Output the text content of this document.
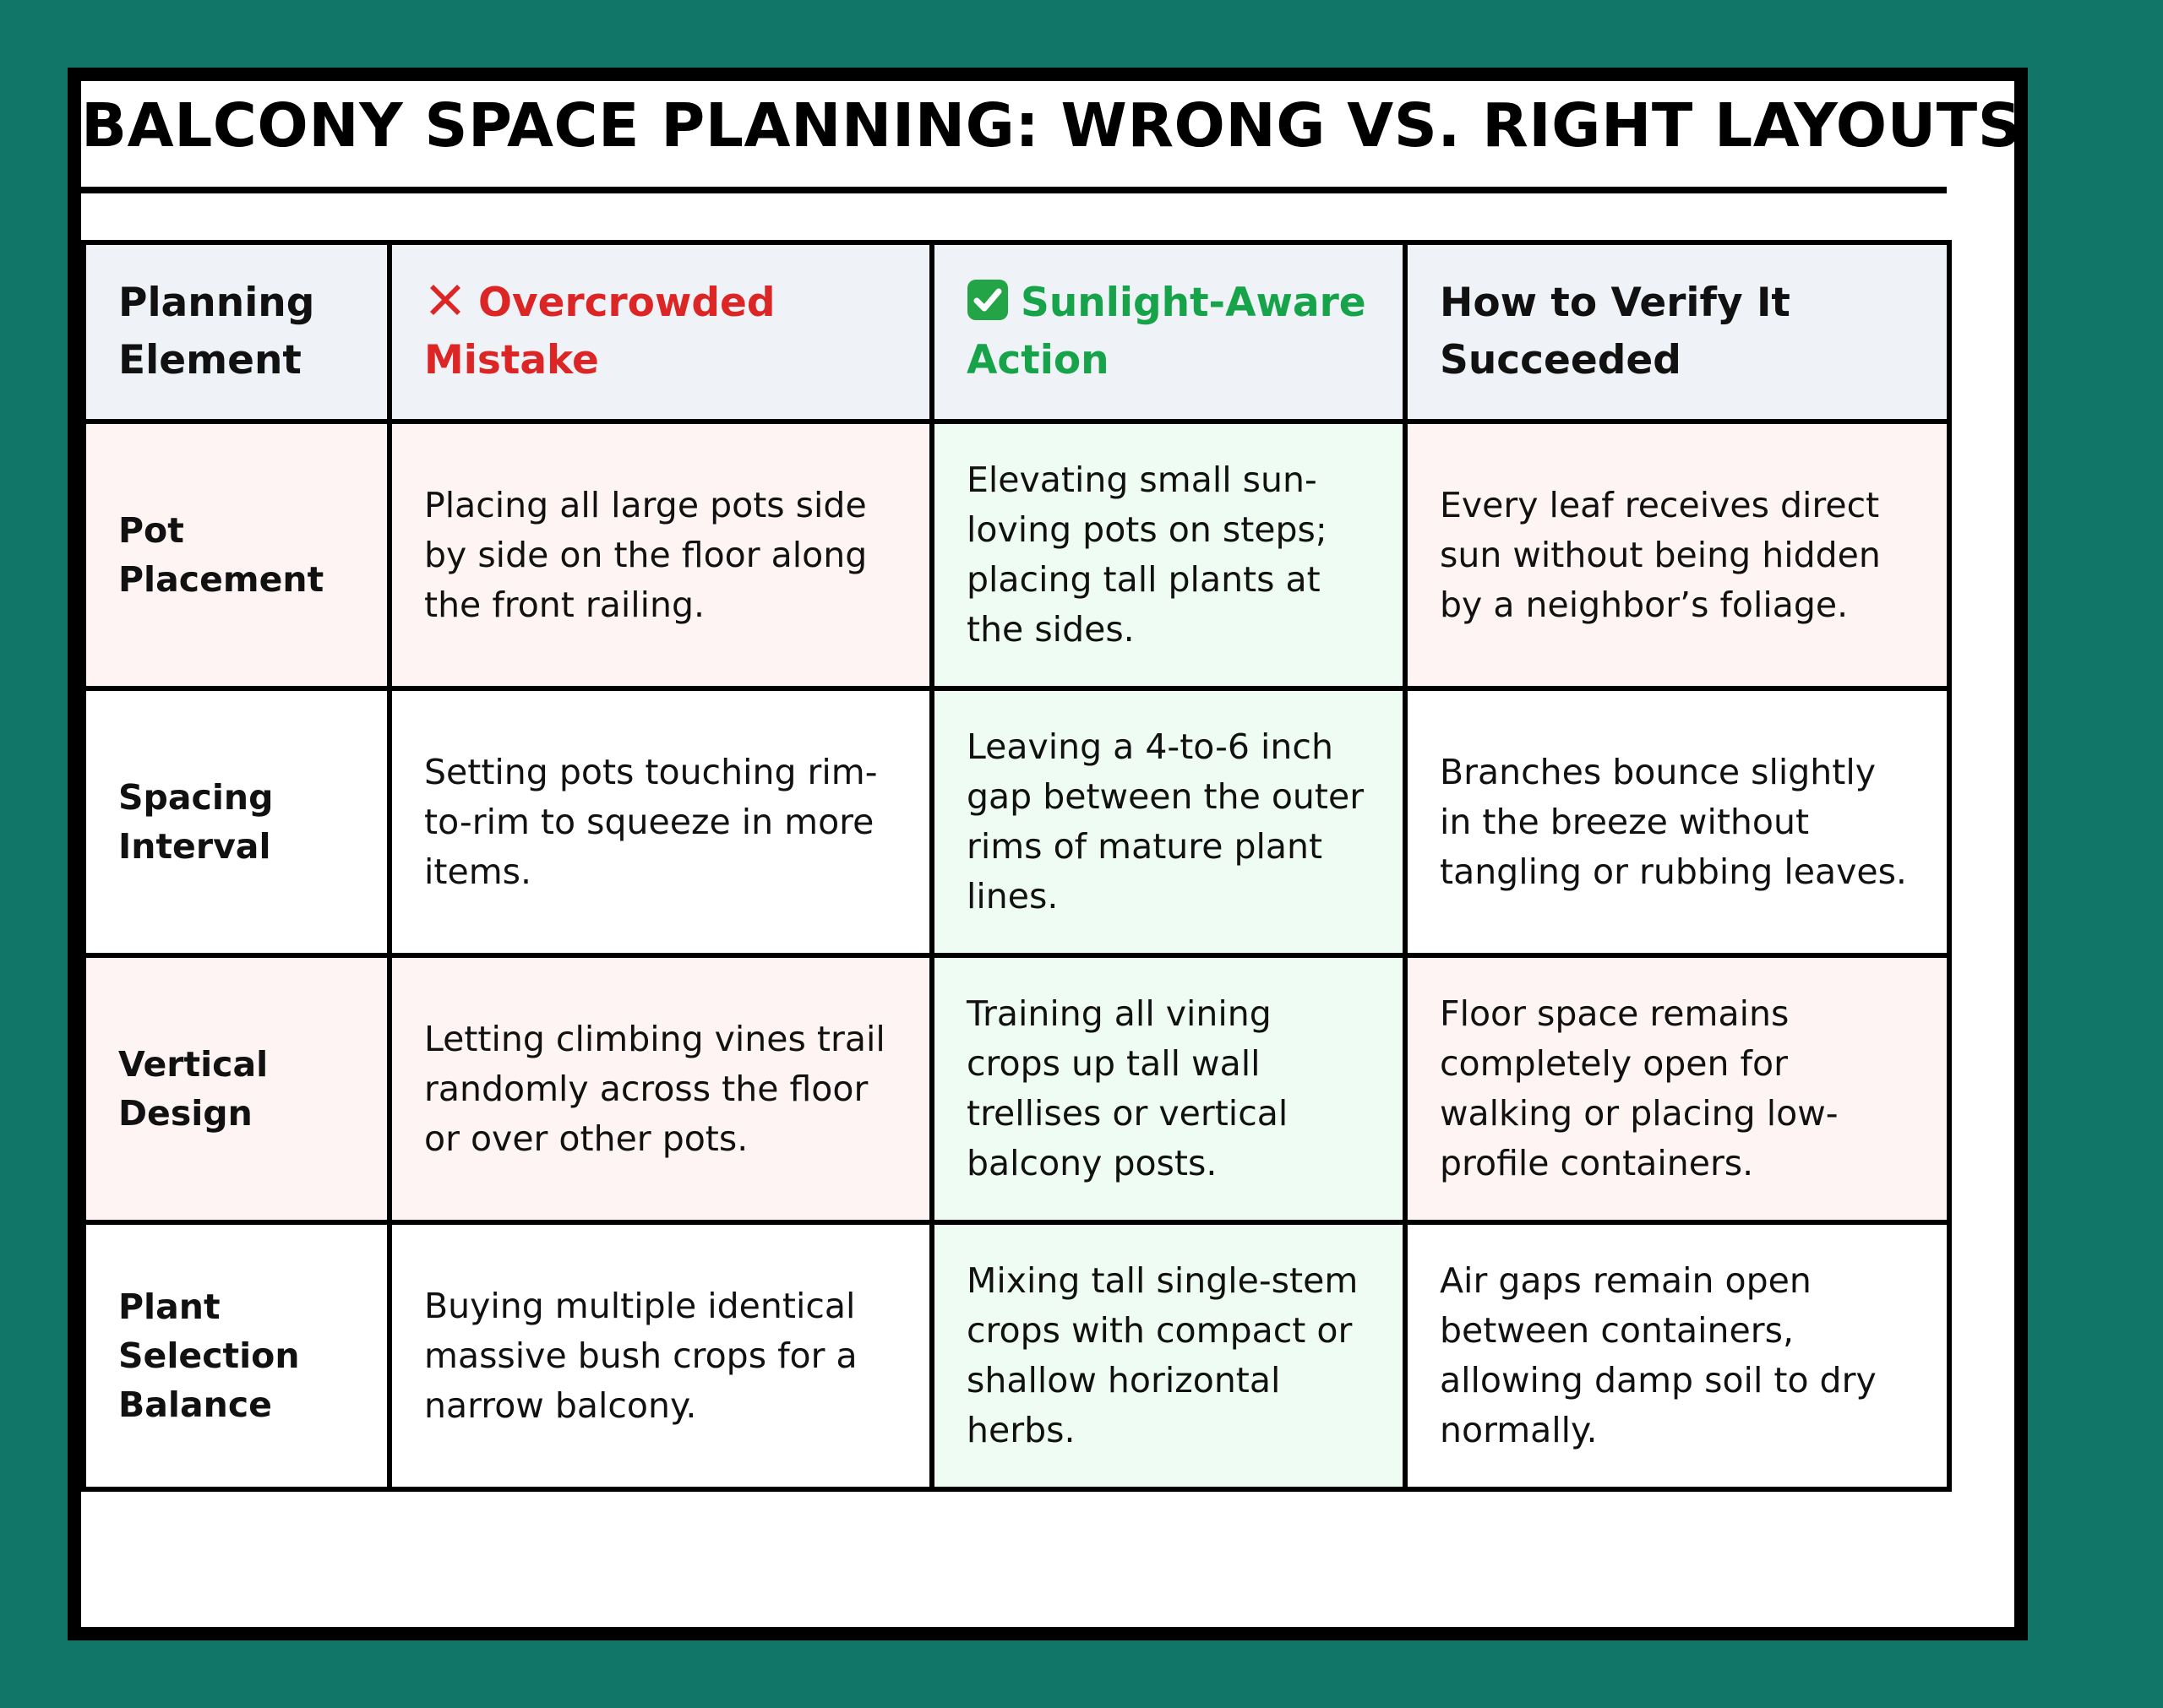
BALCONY SPACE PLANNING: WRONG VS. RIGHT LAYOUTS
Planning Element	Overcrowded Mistake	Sunlight-Aware Action	How to Verify It Succeeded
Pot Placement	Placing all large pots side by side on the floor along the front railing.	Elevating small sun-loving pots on steps; placing tall plants at the sides.	Every leaf receives direct sun without being hidden by a neighbor’s foliage.
Spacing Interval	Setting pots touching rim-to-rim to squeeze in more items.	Leaving a 4-to-6 inch gap between the outer rims of mature plant lines.	Branches bounce slightly in the breeze without tangling or rubbing leaves.
Vertical Design	Letting climbing vines trail randomly across the floor or over other pots.	Training all vining crops up tall wall trellises or vertical balcony posts.	Floor space remains completely open for walking or placing low-profile containers.
Plant Selection Balance	Buying multiple identical massive bush crops for a narrow balcony.	Mixing tall single-stem crops with compact or shallow horizontal herbs.	Air gaps remain open between containers, allowing damp soil to dry normally.
